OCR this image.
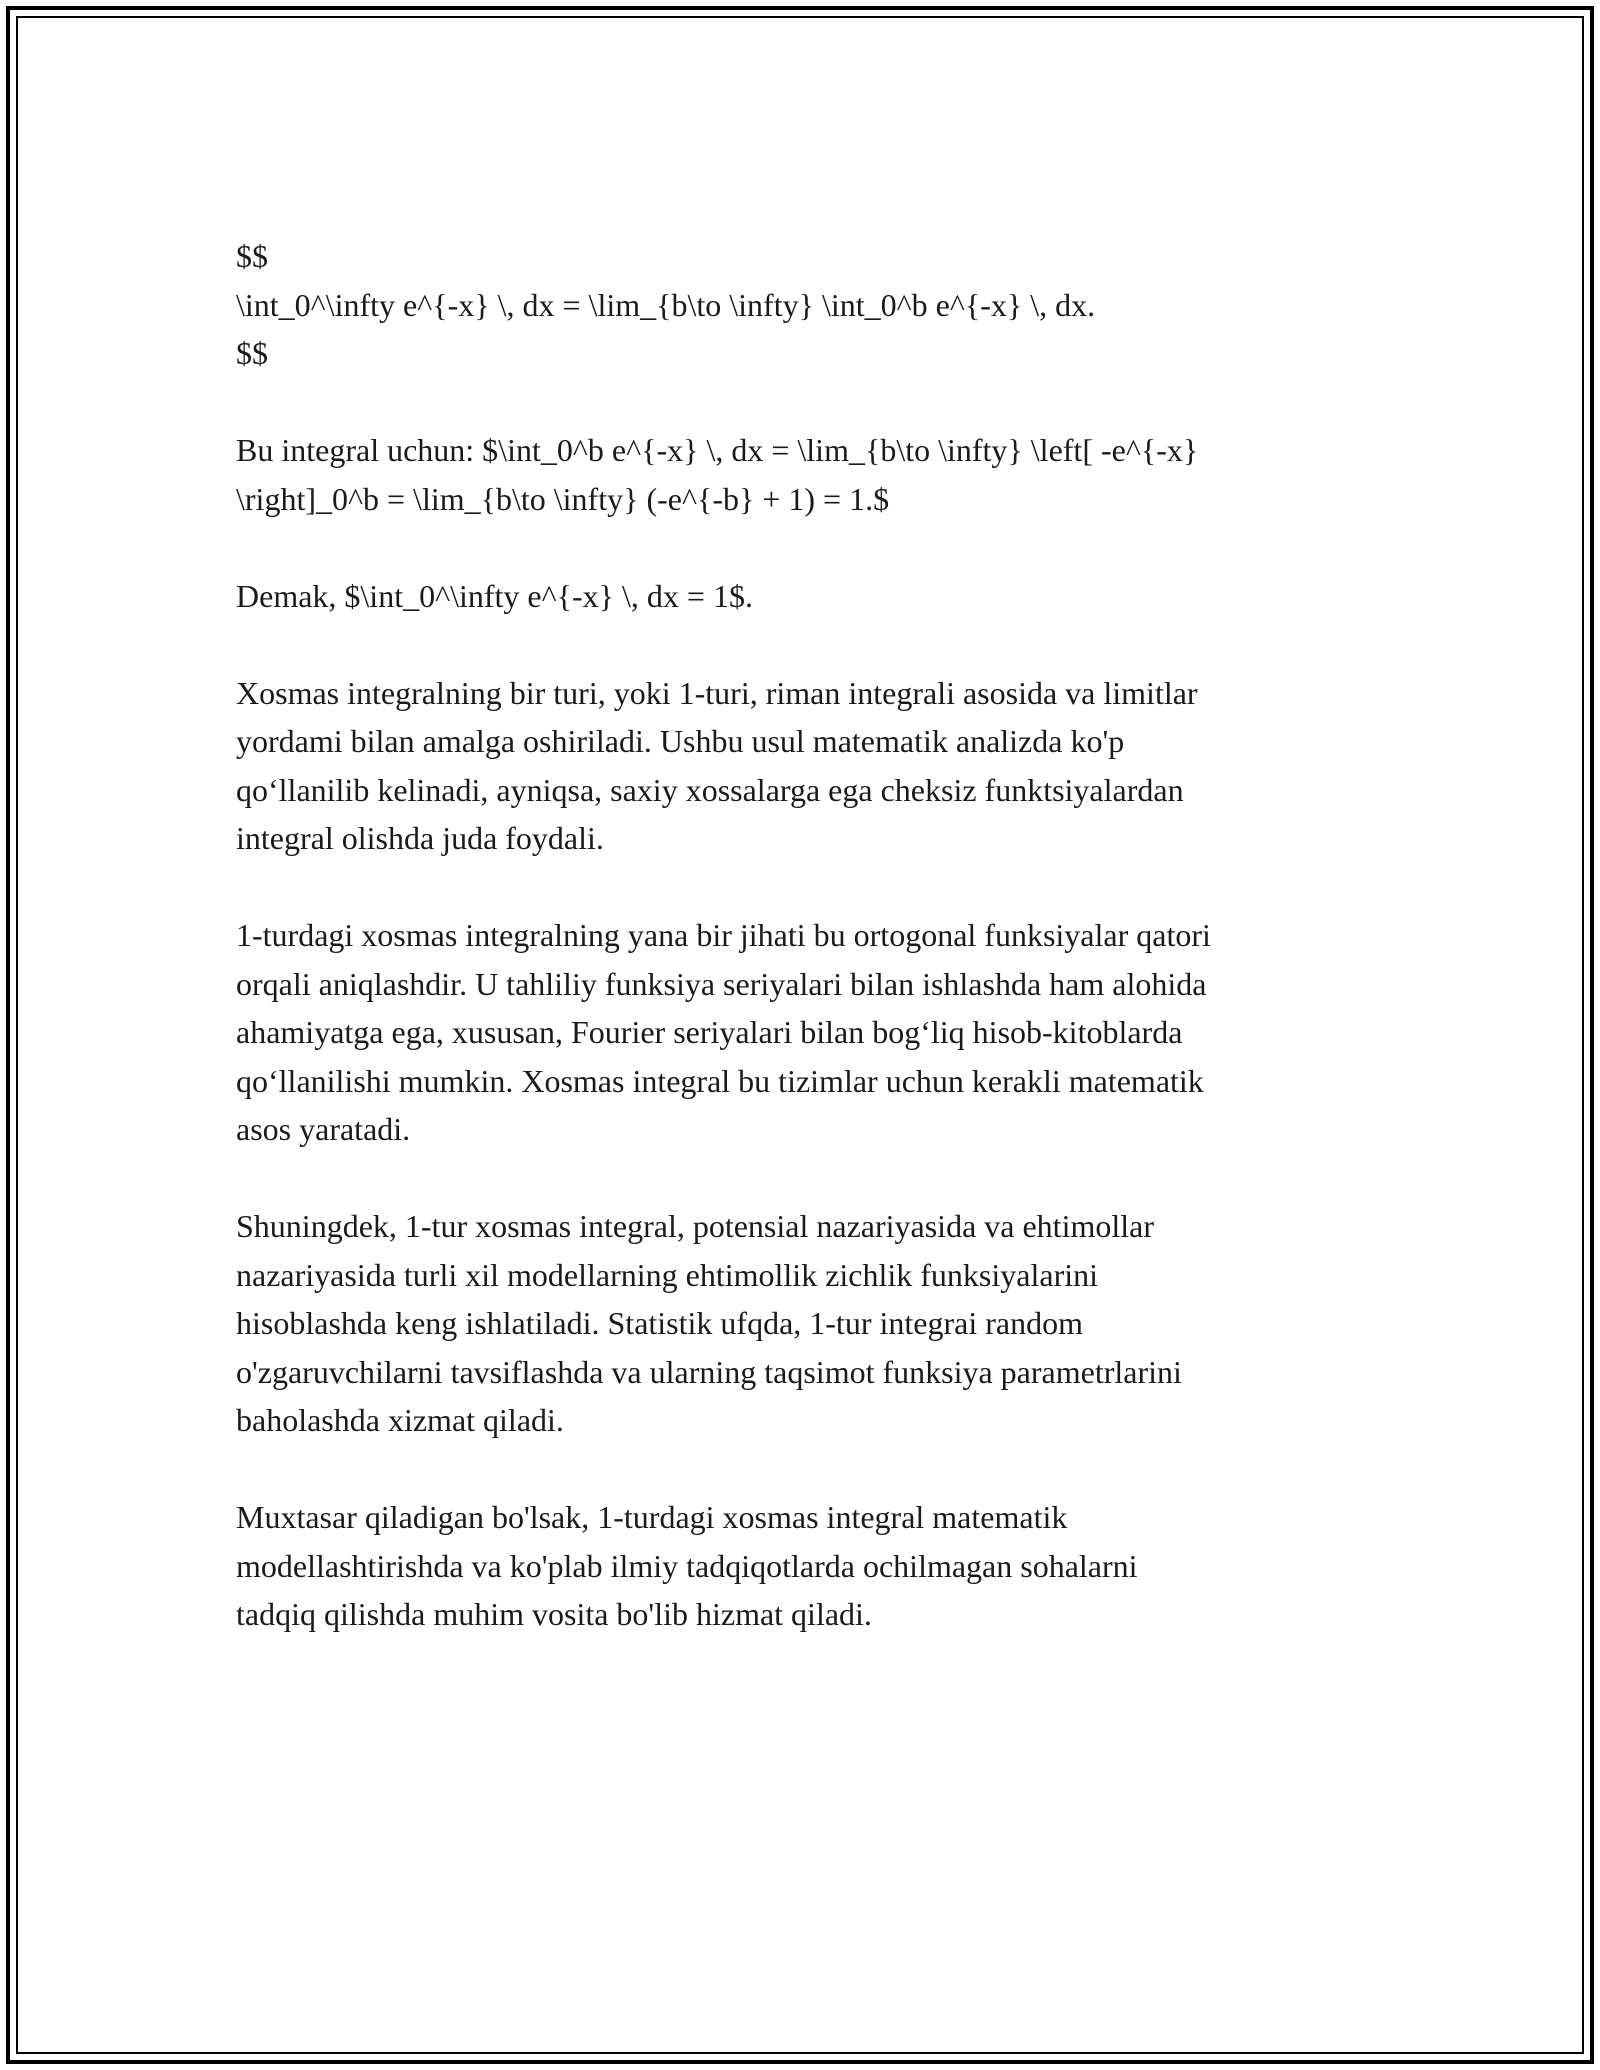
$$
\int_0^\infty e^{-x} \, dx = \lim_{b\to \infty} \int_0^b e^{-x} \, dx.
$$

Bu integral uchun: $\int_0^b e^{-x} \, dx = \lim_{b\to \infty} \left[ -e^{-x}
\right]_0^b = \lim_{b\to \infty} (-e^{-b} + 1) = 1.$

Demak, $\int_0^\infty e^{-x} \, dx = 1$.

Xosmas integralning bir turi, yoki 1-turi, riman integrali asosida va limitlar
yordami bilan amalga oshiriladi. Ushbu usul matematik analizda ko'p
qo‘llanilib kelinadi, ayniqsa, saxiy xossalarga ega cheksiz funktsiyalardan
integral olishda juda foydali.

1-turdagi xosmas integralning yana bir jihati bu ortogonal funksiyalar qatori
orqali aniqlashdir. U tahliliy funksiya seriyalari bilan ishlashda ham alohida
ahamiyatga ega, xususan, Fourier seriyalari bilan bog‘liq hisob-kitoblarda
qo‘llanilishi mumkin. Xosmas integral bu tizimlar uchun kerakli matematik
asos yaratadi.

Shuningdek, 1-tur xosmas integral, potensial nazariyasida va ehtimollar
nazariyasida turli xil modellarning ehtimollik zichlik funksiyalarini
hisoblashda keng ishlatiladi. Statistik ufqda, 1-tur integrai random
o'zgaruvchilarni tavsiflashda va ularning taqsimot funksiya parametrlarini
baholashda xizmat qiladi.

Muxtasar qiladigan bo'lsak, 1-turdagi xosmas integral matematik
modellashtirishda va ko'plab ilmiy tadqiqotlarda ochilmagan sohalarni
tadqiq qilishda muhim vosita bo'lib hizmat qiladi.
